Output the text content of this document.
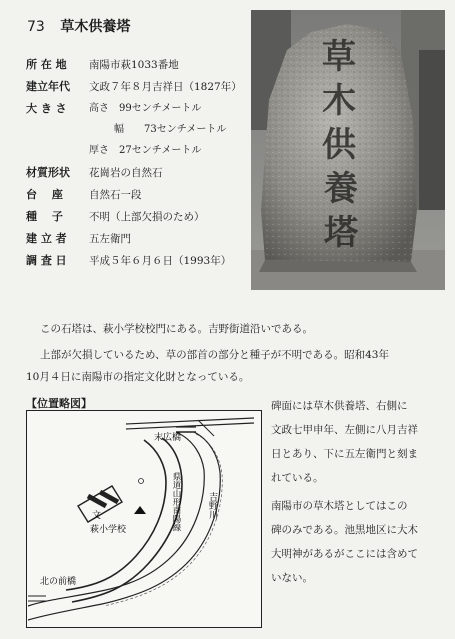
73 草木供養塔
所 在 地	南陽市萩1033番地
建立年代	文政７年８月吉祥日（1827年）
大 き さ	高さ 99センチメートル
幅 73センチメートル
厚さ 27センチメートル
材質形状	花崗岩の自然石
台　 座	自然石一段
種　 子	不明（上部欠損のため）
建 立 者	五左衛門
調 査 日	平成５年６月６日（1993年）
草
木
供
養
塔
この石塔は、萩小学校校門にある。吉野街道沿いである。
上部が欠損しているため、草の部首の部分と種子が不明である。昭和43年
10月４日に南陽市の指定文化財となっている。
【位置略図】
末広橋
文
萩小学校
北の前橋
吉野川
県道山形南陽線
碑面には草木供養塔、右側に
文政七甲申年、左側に八月吉祥
日とあり、下に五左衛門と刻ま
れている。
南陽市の草木塔としてはこの
碑のみである。池黒地区に大木
大明神があるがここには含めて
いない。
